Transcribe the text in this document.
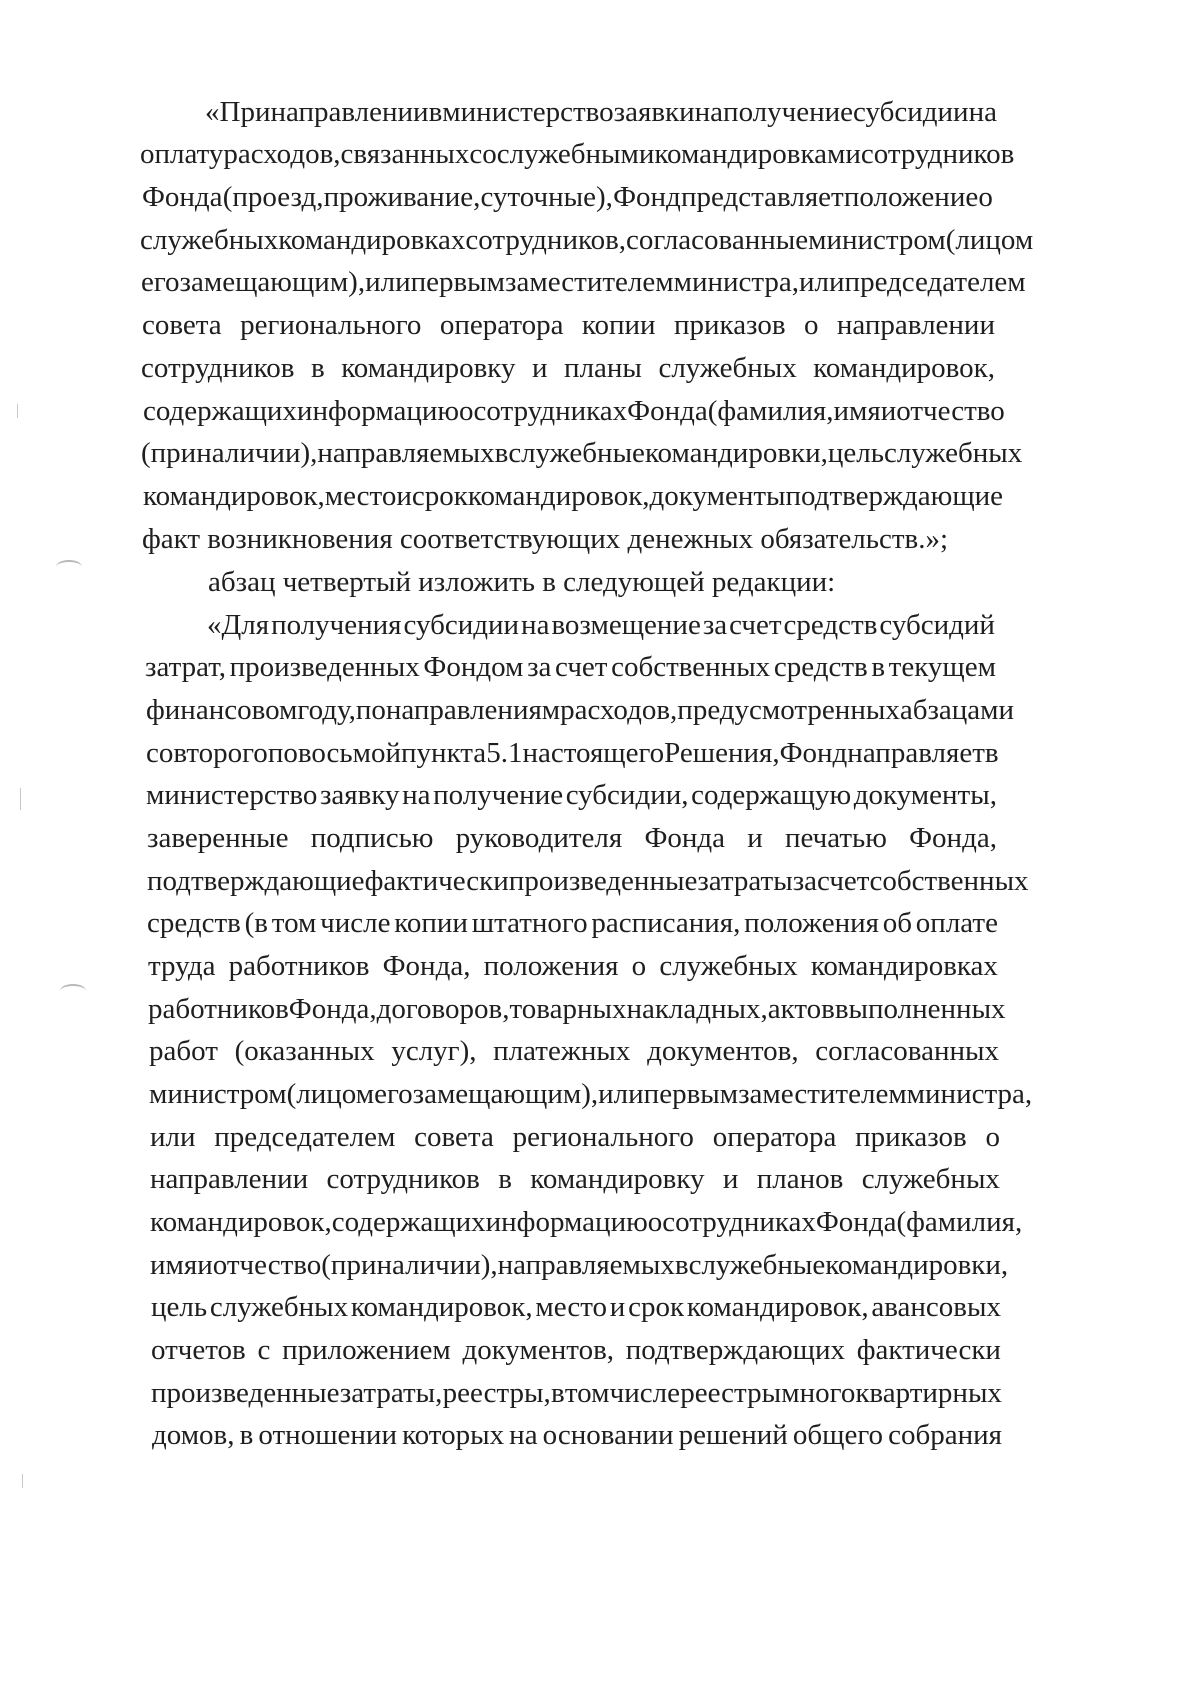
«При направлении в министерство заявки на получение субсидии на
оплату расходов, связанных со служебными командировками сотрудников
Фонда (проезд, проживание, суточные), Фонд представляет положение о
служебных командировках сотрудников, согласованные министром (лицом
его замещающим), или первым заместителем министра, или председателем
совета регионального оператора копии приказов о направлении
сотрудников в командировку и планы служебных командировок,
содержащих информацию о сотрудниках Фонда (фамилия, имя и отчество
(при наличии), направляемых в служебные командировки, цель служебных
командировок, место и срок командировок, документы подтверждающие
факт возникновения соответствующих денежных обязательств.»;
абзац четвертый изложить в следующей редакции:
«Для получения субсидии на возмещение за счет средств субсидий
затрат, произведенных Фондом за счет собственных средств в текущем
финансовом году, по направлениям расходов, предусмотренных абзацами
со второго по восьмой пункта 5.1 настоящего Решения, Фонд направляет в
министерство заявку на получение субсидии, содержащую документы,
заверенные подписью руководителя Фонда и печатью Фонда,
подтверждающие фактически произведенные затраты за счет собственных
средств (в том числе копии штатного расписания, положения об оплате
труда работников Фонда, положения о служебных командировках
работников Фонда, договоров, товарных накладных, актов выполненных
работ (оказанных услуг), платежных документов, согласованных
министром (лицом его замещающим), или первым заместителем министра,
или председателем совета регионального оператора приказов о
направлении сотрудников в командировку и планов служебных
командировок, содержащих информацию о сотрудниках Фонда (фамилия,
имя и отчество (при наличии), направляемых в служебные командировки,
цель служебных командировок, место и срок командировок, авансовых
отчетов с приложением документов, подтверждающих фактически
произведенные затраты, реестры, в том числе реестры многоквартирных
домов, в отношении которых на основании решений общего собрания
